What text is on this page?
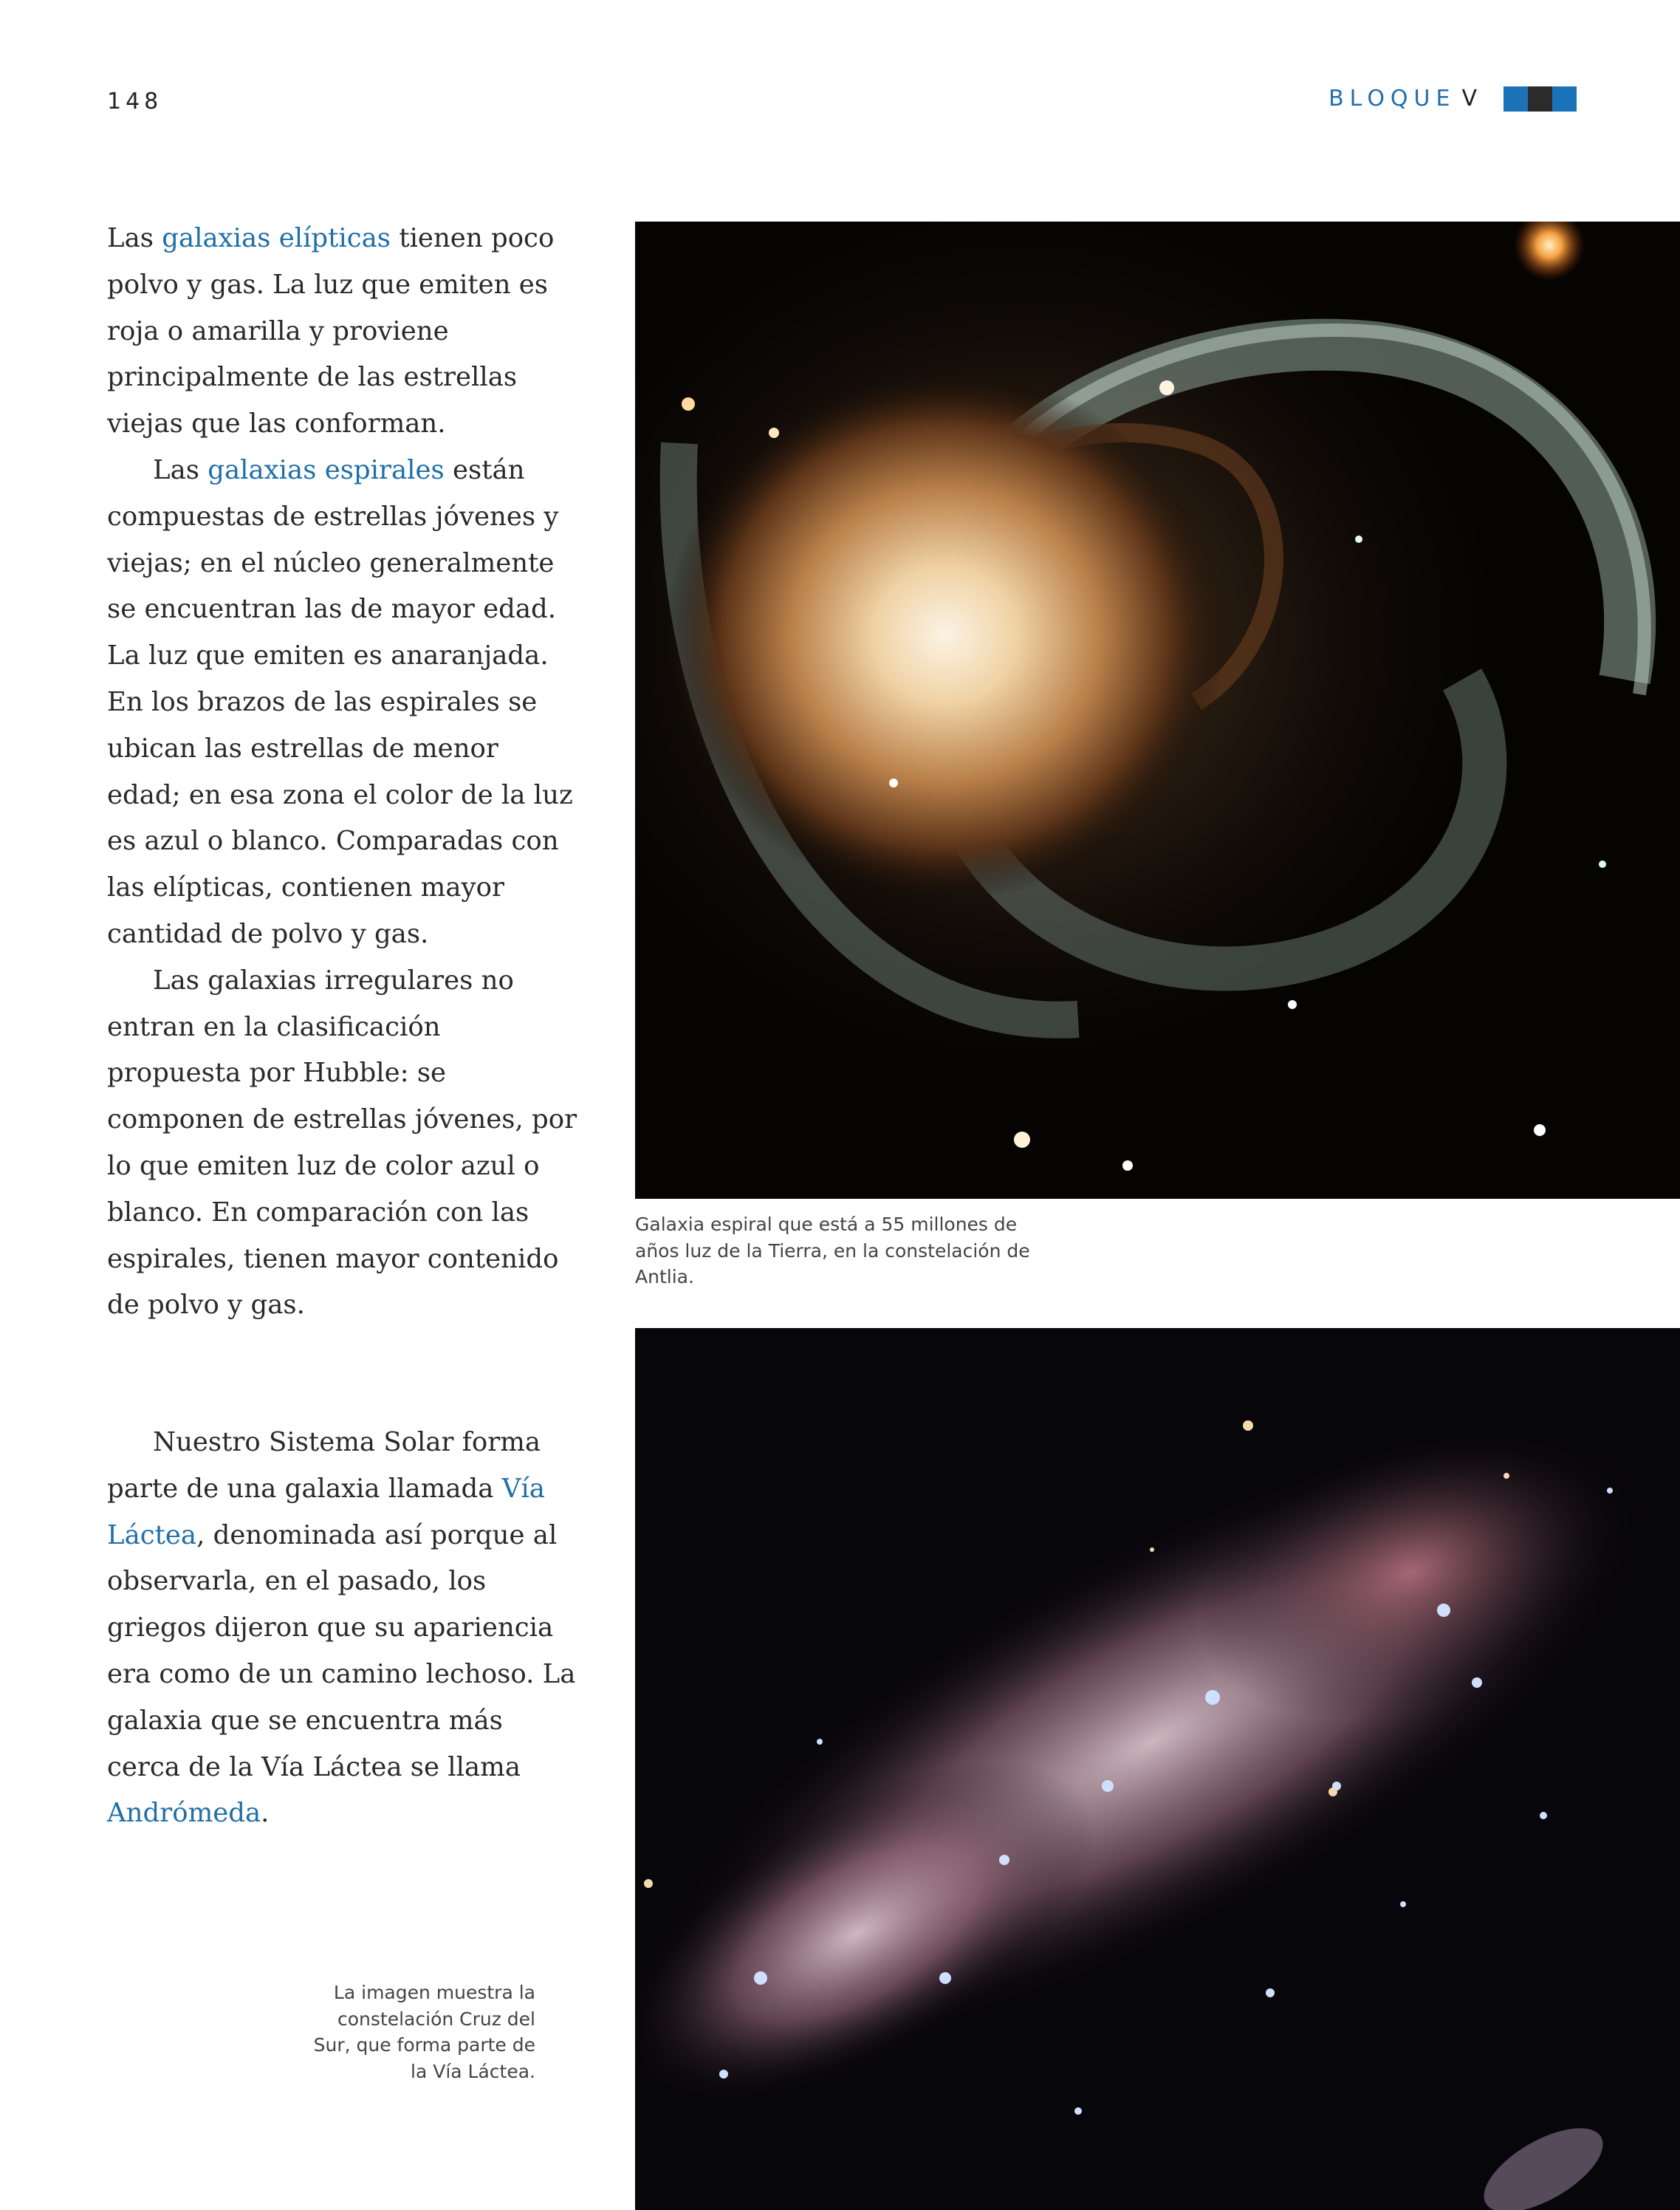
148	BLOQUE V

Las galaxias elípticas tienen poco polvo y gas. La luz que emiten es roja o amarilla y proviene principalmente de las estrellas viejas que las conforman.

Las galaxias espirales están compuestas de estrellas jóvenes y viejas; en el núcleo generalmente se encuentran las de mayor edad. La luz que emiten es anaranjada. En los brazos de las espirales se ubican las estrellas de menor edad; en esa zona el color de la luz es azul o blanco. Comparadas con las elípticas, contienen mayor cantidad de polvo y gas.

Las galaxias irregulares no entran en la clasificación propuesta por Hubble: se componen de estrellas jóvenes, por lo que emiten luz de color azul o blanco. En comparación con las espirales, tienen mayor contenido de polvo y gas.

Nuestro Sistema Solar forma parte de una galaxia llamada Vía Láctea, denominada así porque al observarla, en el pasado, los griegos dijeron que su apariencia era como de un camino lechoso. La galaxia que se encuentra más cerca de la Vía Láctea se llama Andrómeda.

Galaxia espiral que está a 55 millones de años luz de la Tierra, en la constelación de Antlia.
La imagen muestra la constelación Cruz del Sur, que forma parte de la Vía Láctea.
